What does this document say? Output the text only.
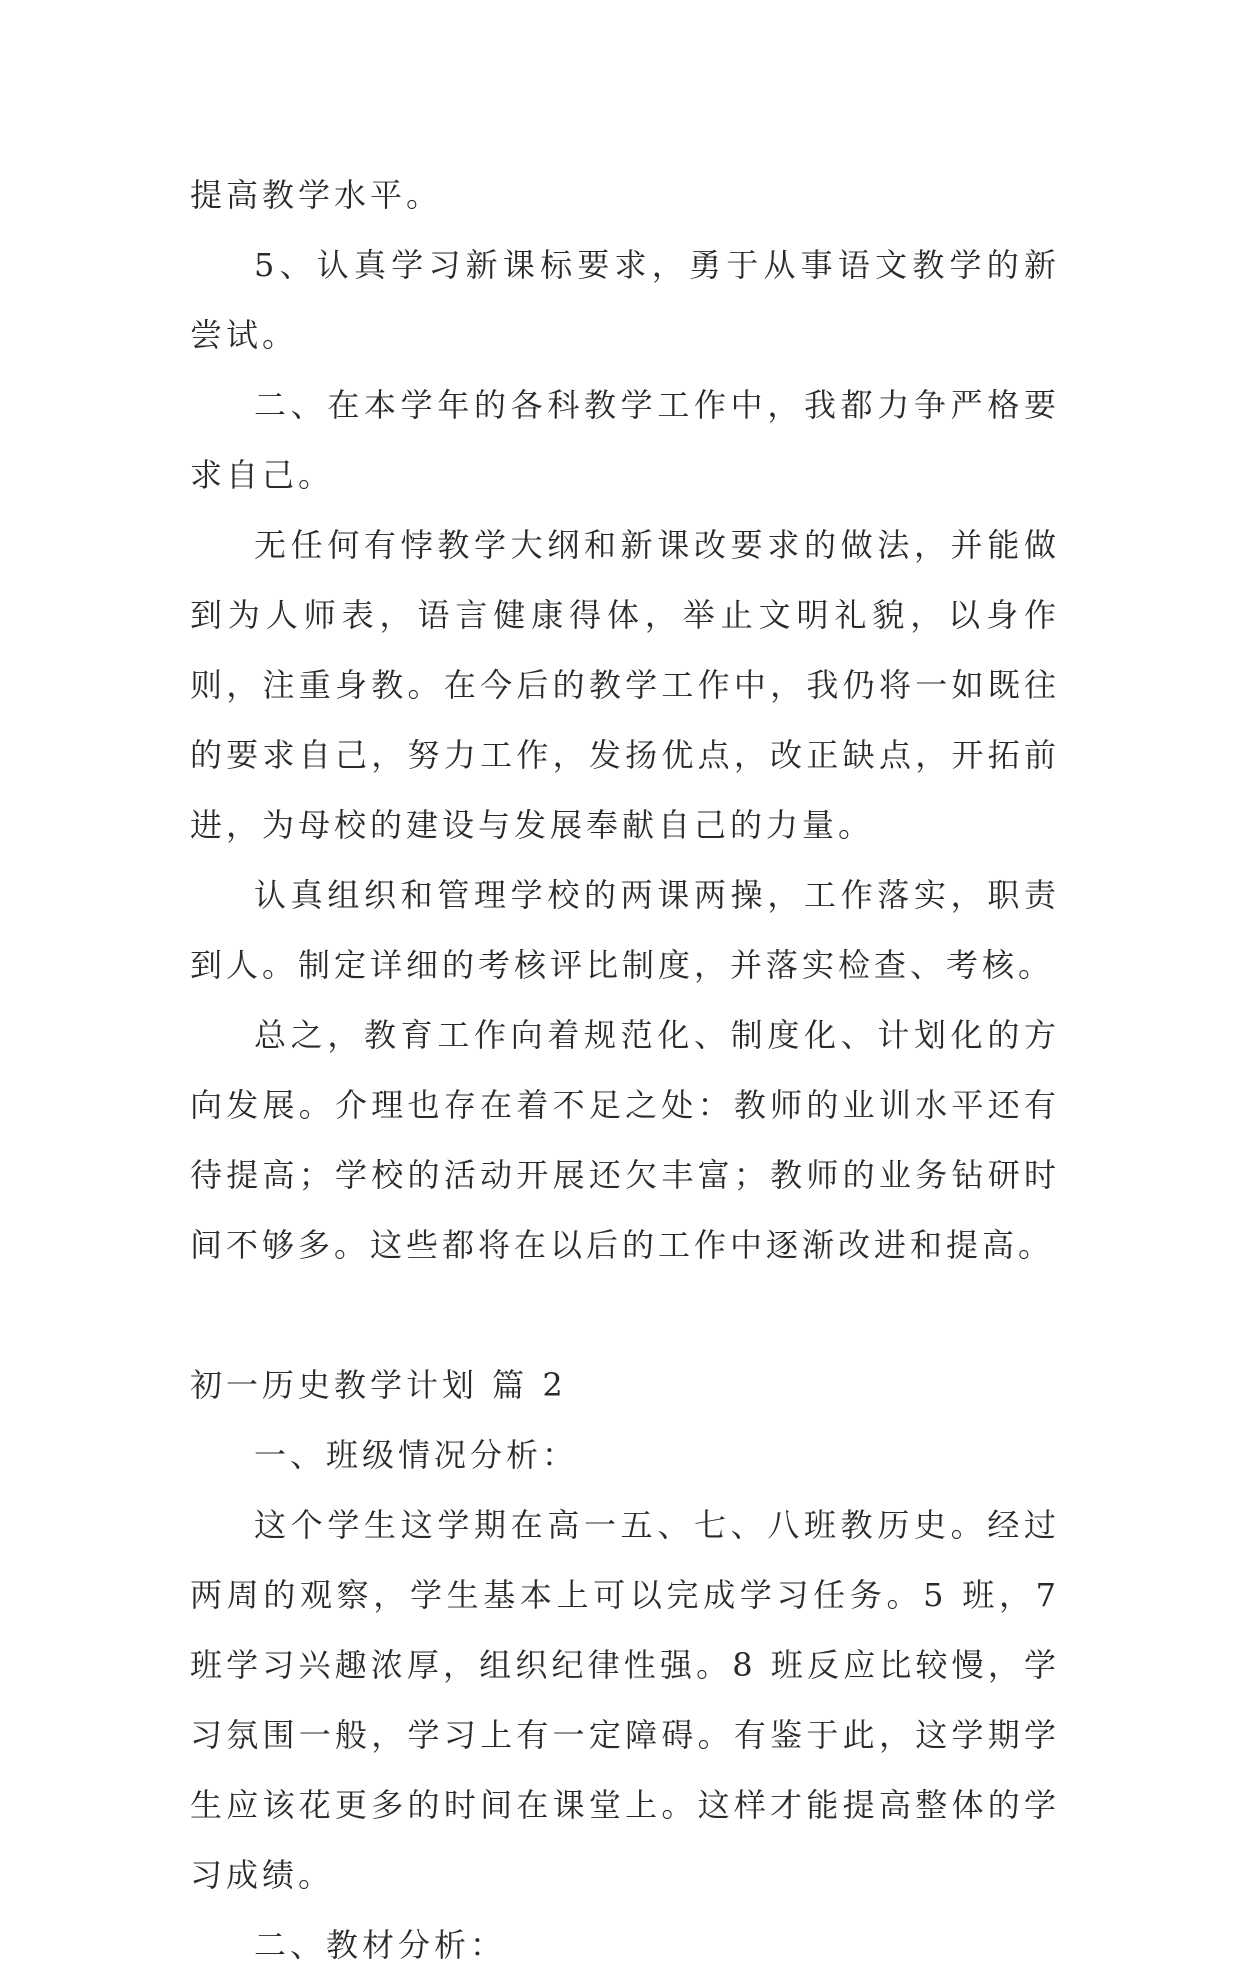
提高教学水平。

5、认真学习新课标要求，勇于从事语文教学的新尝试。

二、在本学年的各科教学工作中，我都力争严格要求自己。

无任何有悖教学大纲和新课改要求的做法，并能做到为人师表，语言健康得体，举止文明礼貌，以身作则，注重身教。在今后的教学工作中，我仍将一如既往的要求自己，努力工作，发扬优点，改正缺点，开拓前进，为母校的建设与发展奉献自己的力量。

认真组织和管理学校的两课两操，工作落实，职责到人。制定详细的考核评比制度，并落实检查、考核。

总之，教育工作向着规范化、制度化、计划化的方向发展。介理也存在着不足之处：教师的业训水平还有待提高；学校的活动开展还欠丰富；教师的业务钻研时间不够多。这些都将在以后的工作中逐渐改进和提高。

初一历史教学计划 篇 2

一、班级情况分析：

这个学生这学期在高一五、七、八班教历史。经过两周的观察，学生基本上可以完成学习任务。5 班，7 班学习兴趣浓厚，组织纪律性强。8 班反应比较慢，学习氛围一般，学习上有一定障碍。有鉴于此，这学期学生应该花更多的时间在课堂上。这样才能提高整体的学习成绩。

二、教材分析：
